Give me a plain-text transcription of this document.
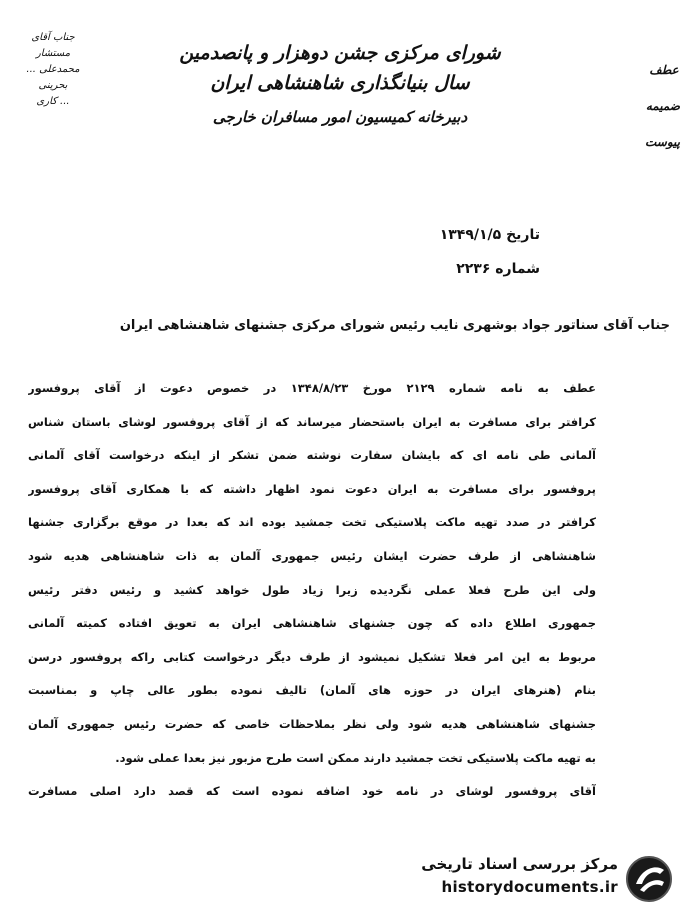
جناب آقای مستشار
محمدعلی ... بحرینی
... کاری
شورای مرکزی جشن دوهزار و پانصدمین سال بنیانگذاری شاهنشاهی ایران
دبیرخانه کمیسیون امور مسافران خارجی
عطف
ضمیمه
پیوست
تاریخ ۱۳۴۹/۱/۵
شماره ۲۲۳۶
جناب آقای سناتور جواد بوشهری نایب رئیس شورای مرکزی جشنهای شاهنشاهی ایران
عطف به نامه شماره ۲۱۲۹ مورخ ۱۳۴۸/۸/۲۳ در خصوص دعوت از آقای پروفسور
کرافتر برای مسافرت به ایران باستحضار میرساند که از آقای پروفسور لوشای باستان شناس
آلمانی طی نامه ای که بایشان سفارت نوشته ضمن تشکر از اینکه درخواست آقای آلمانی
پروفسور برای مسافرت به ایران دعوت نمود اظهار داشته که با همکاری آقای پروفسور
کرافتر در صدد تهیه ماکت پلاستیکی تخت جمشید بوده اند که بعدا در موقع برگزاری جشنها
شاهنشاهی از طرف حضرت ایشان رئیس جمهوری آلمان به ذات شاهنشاهی هدیه شود
ولی این طرح فعلا عملی نگردیده زیرا زیاد طول خواهد کشید و رئیس دفتر رئیس
جمهوری اطلاع داده که چون جشنهای شاهنشاهی ایران به تعویق افتاده کمیته آلمانی
مربوط به این امر فعلا تشکیل نمیشود از طرف دیگر درخواست کتابی راکه پروفسور درسن
بنام (هنرهای ایران در حوزه های آلمان) تالیف نموده بطور عالی چاپ و بمناسبت
جشنهای شاهنشاهی هدیه شود ولی نظر بملاحظات خاصی که حضرت رئیس جمهوری آلمان
به تهیه ماکت پلاستیکی تخت جمشید دارند ممکن است طرح مزبور نیز بعدا عملی شود.
آقای پروفسور لوشای در نامه خود اضافه نموده است که قصد دارد اصلی مسافرت
مرکز بررسی اسناد تاریخی
historydocuments.ir
